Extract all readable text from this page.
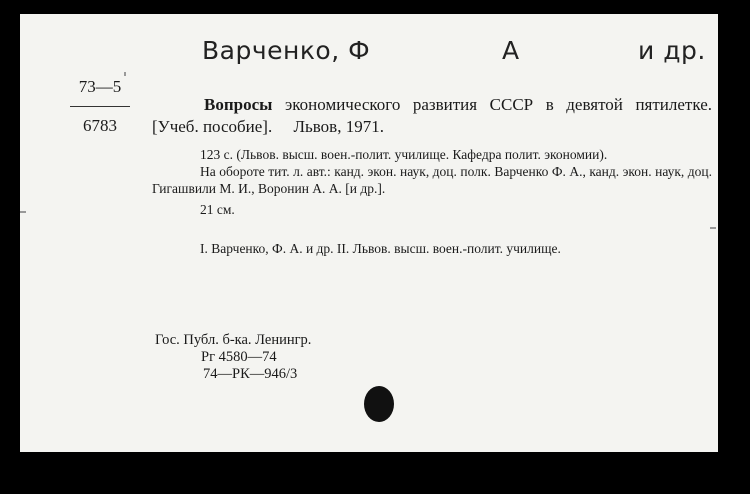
Варченко, Ф	А	и др.
73—5
6783

Вопросы экономического развития СССР в девятой пятилетке. [Учеб. пособие]. Львов, 1971.

123 с. (Львов. высш. воен.-полит. училище. Кафедра полит. экономии).

На обороте тит. л. авт.: канд. экон. наук, доц. полк. Варченко Ф. А., канд. экон. наук, доц. Гигашвили М. И., Воронин А. А. [и др.].

21 см.

I. Варченко, Ф. А. и др. II. Львов. высш. воен.-полит. училище.

Гос. Публ. б-ка. Ленингр.
Рг 4580—74
74—РК—946/3
